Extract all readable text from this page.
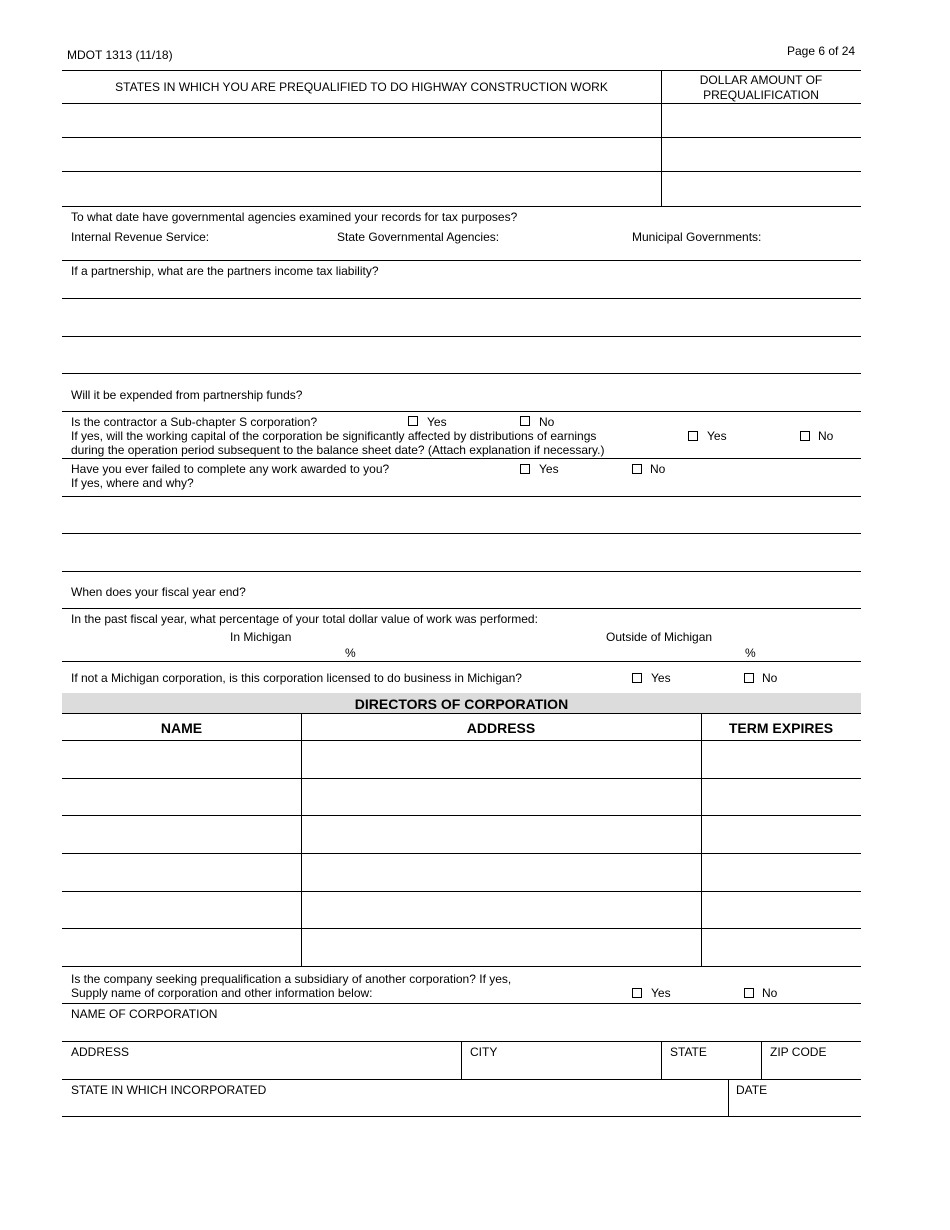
MDOT 1313 (11/18)	Page 6 of 24
STATES IN WHICH YOU ARE PREQUALIFIED TO DO HIGHWAY CONSTRUCTION WORK	DOLLAR AMOUNT OF
PREQUALIFICATION
To what date have governmental agencies examined your records for tax purposes?
Internal Revenue Service:	State Governmental Agencies:	Municipal Governments:
If a partnership, what are the partners income tax liability?
Will it be expended from partnership funds?
Is the contractor a Sub-chapter S corporation?	Yes	No
If yes, will the working capital of the corporation be significantly affected by distributions of earnings
during the operation period subsequent to the balance sheet date? (Attach explanation if necessary.)
Yes	No
Have you ever failed to complete any work awarded to you?
If yes, where and why?
Yes	No
When does your fiscal year end?
In the past fiscal year, what percentage of your total dollar value of work was performed:
In Michigan
%
Outside of Michigan
%
If not a Michigan corporation, is this corporation licensed to do business in Michigan?	Yes	No
DIRECTORS OF CORPORATION
NAME	ADDRESS	TERM EXPIRES
Is the company seeking prequalification a subsidiary of another corporation? If yes,
Supply name of corporation and other information below:	Yes	No
NAME OF CORPORATION
ADDRESS	CITY	STATE	ZIP CODE
STATE IN WHICH INCORPORATED	DATE
